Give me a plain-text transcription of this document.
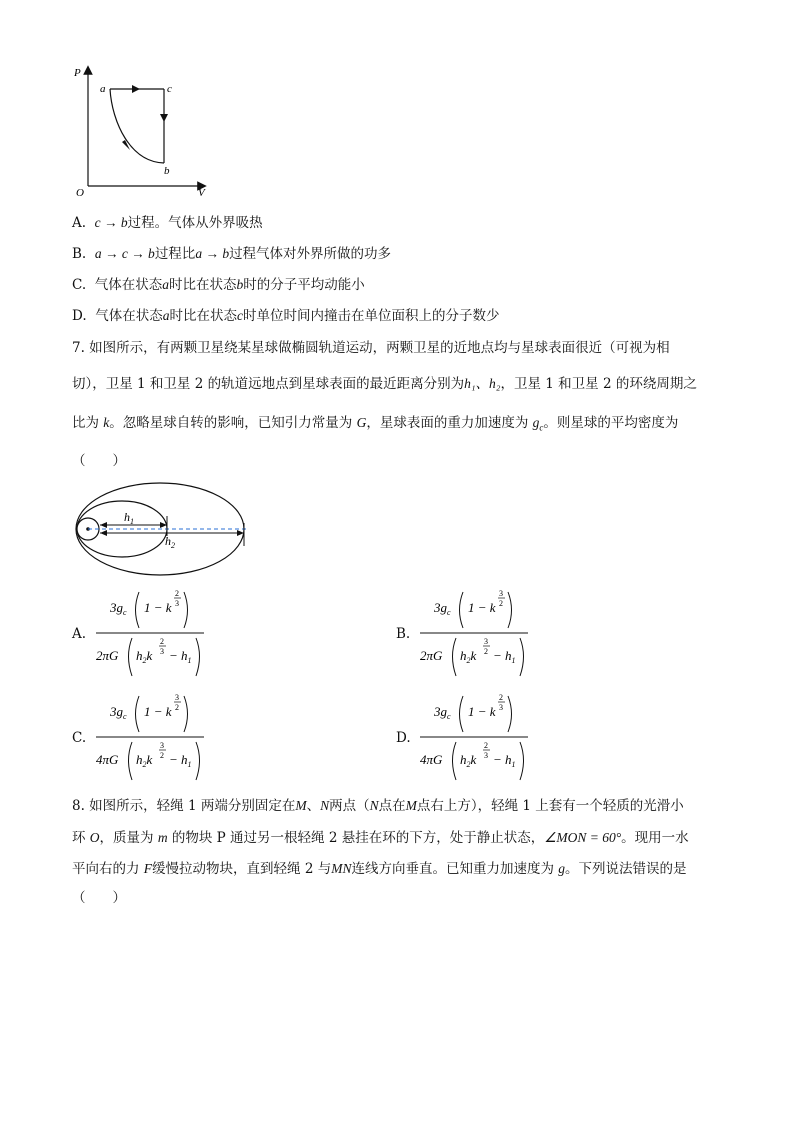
P
V
O
a	c
b
A. c → b过程。气体从外界吸热
B. a → c → b过程比a → b过程气体对外界所做的功多
C. 气体在状态a时比在状态b时的分子平均动能小
D. 气体在状态a时比在状态c时单位时间内撞击在单位面积上的分子数少
7. 如图所示，有两颗卫星绕某星球做椭圆轨道运动，两颗卫星的近地点均与星球表面很近（可视为相
切），卫星 1 和卫星 2 的轨道远地点到星球表面的最近距离分别为h₁、h₂，卫星 1 和卫星 2 的环绕周期之
比为 k。忽略星球自转的影响，已知引力常量为 G，星球表面的重力加速度为 $g_c$。则星球的平均密度为
（　　）
$h_1$
$h_2$
A.
$3g_c$ 1 − k
2
3
2πG $h_2k$
2
$3 - h_1$
B.
$3g_c$ 1 − k
3
2
2πG $h_2k$
3
$2 - h_1$
C.
$3g_c$ 1 − k
3
2
4πG $h_2k$
3
$2 - h_1$
D.
$3g_c$ 1 − k
2
3
4πG $h_2k$
2
$3 - h_1$
8. 如图所示，轻绳 1 两端分别固定在M、N两点（N点在M点右上方），轻绳 1 上套有一个轻质的光滑小
环 O，质量为 m 的物块 P 通过另一根轻绳 2 悬挂在环的下方，处于静止状态，∠MON = 60°。现用一水
平向右的力 F缓慢拉动物块，直到轻绳 2 与MN连线方向垂直。已知重力加速度为 g。下列说法错误的是
（　　）
